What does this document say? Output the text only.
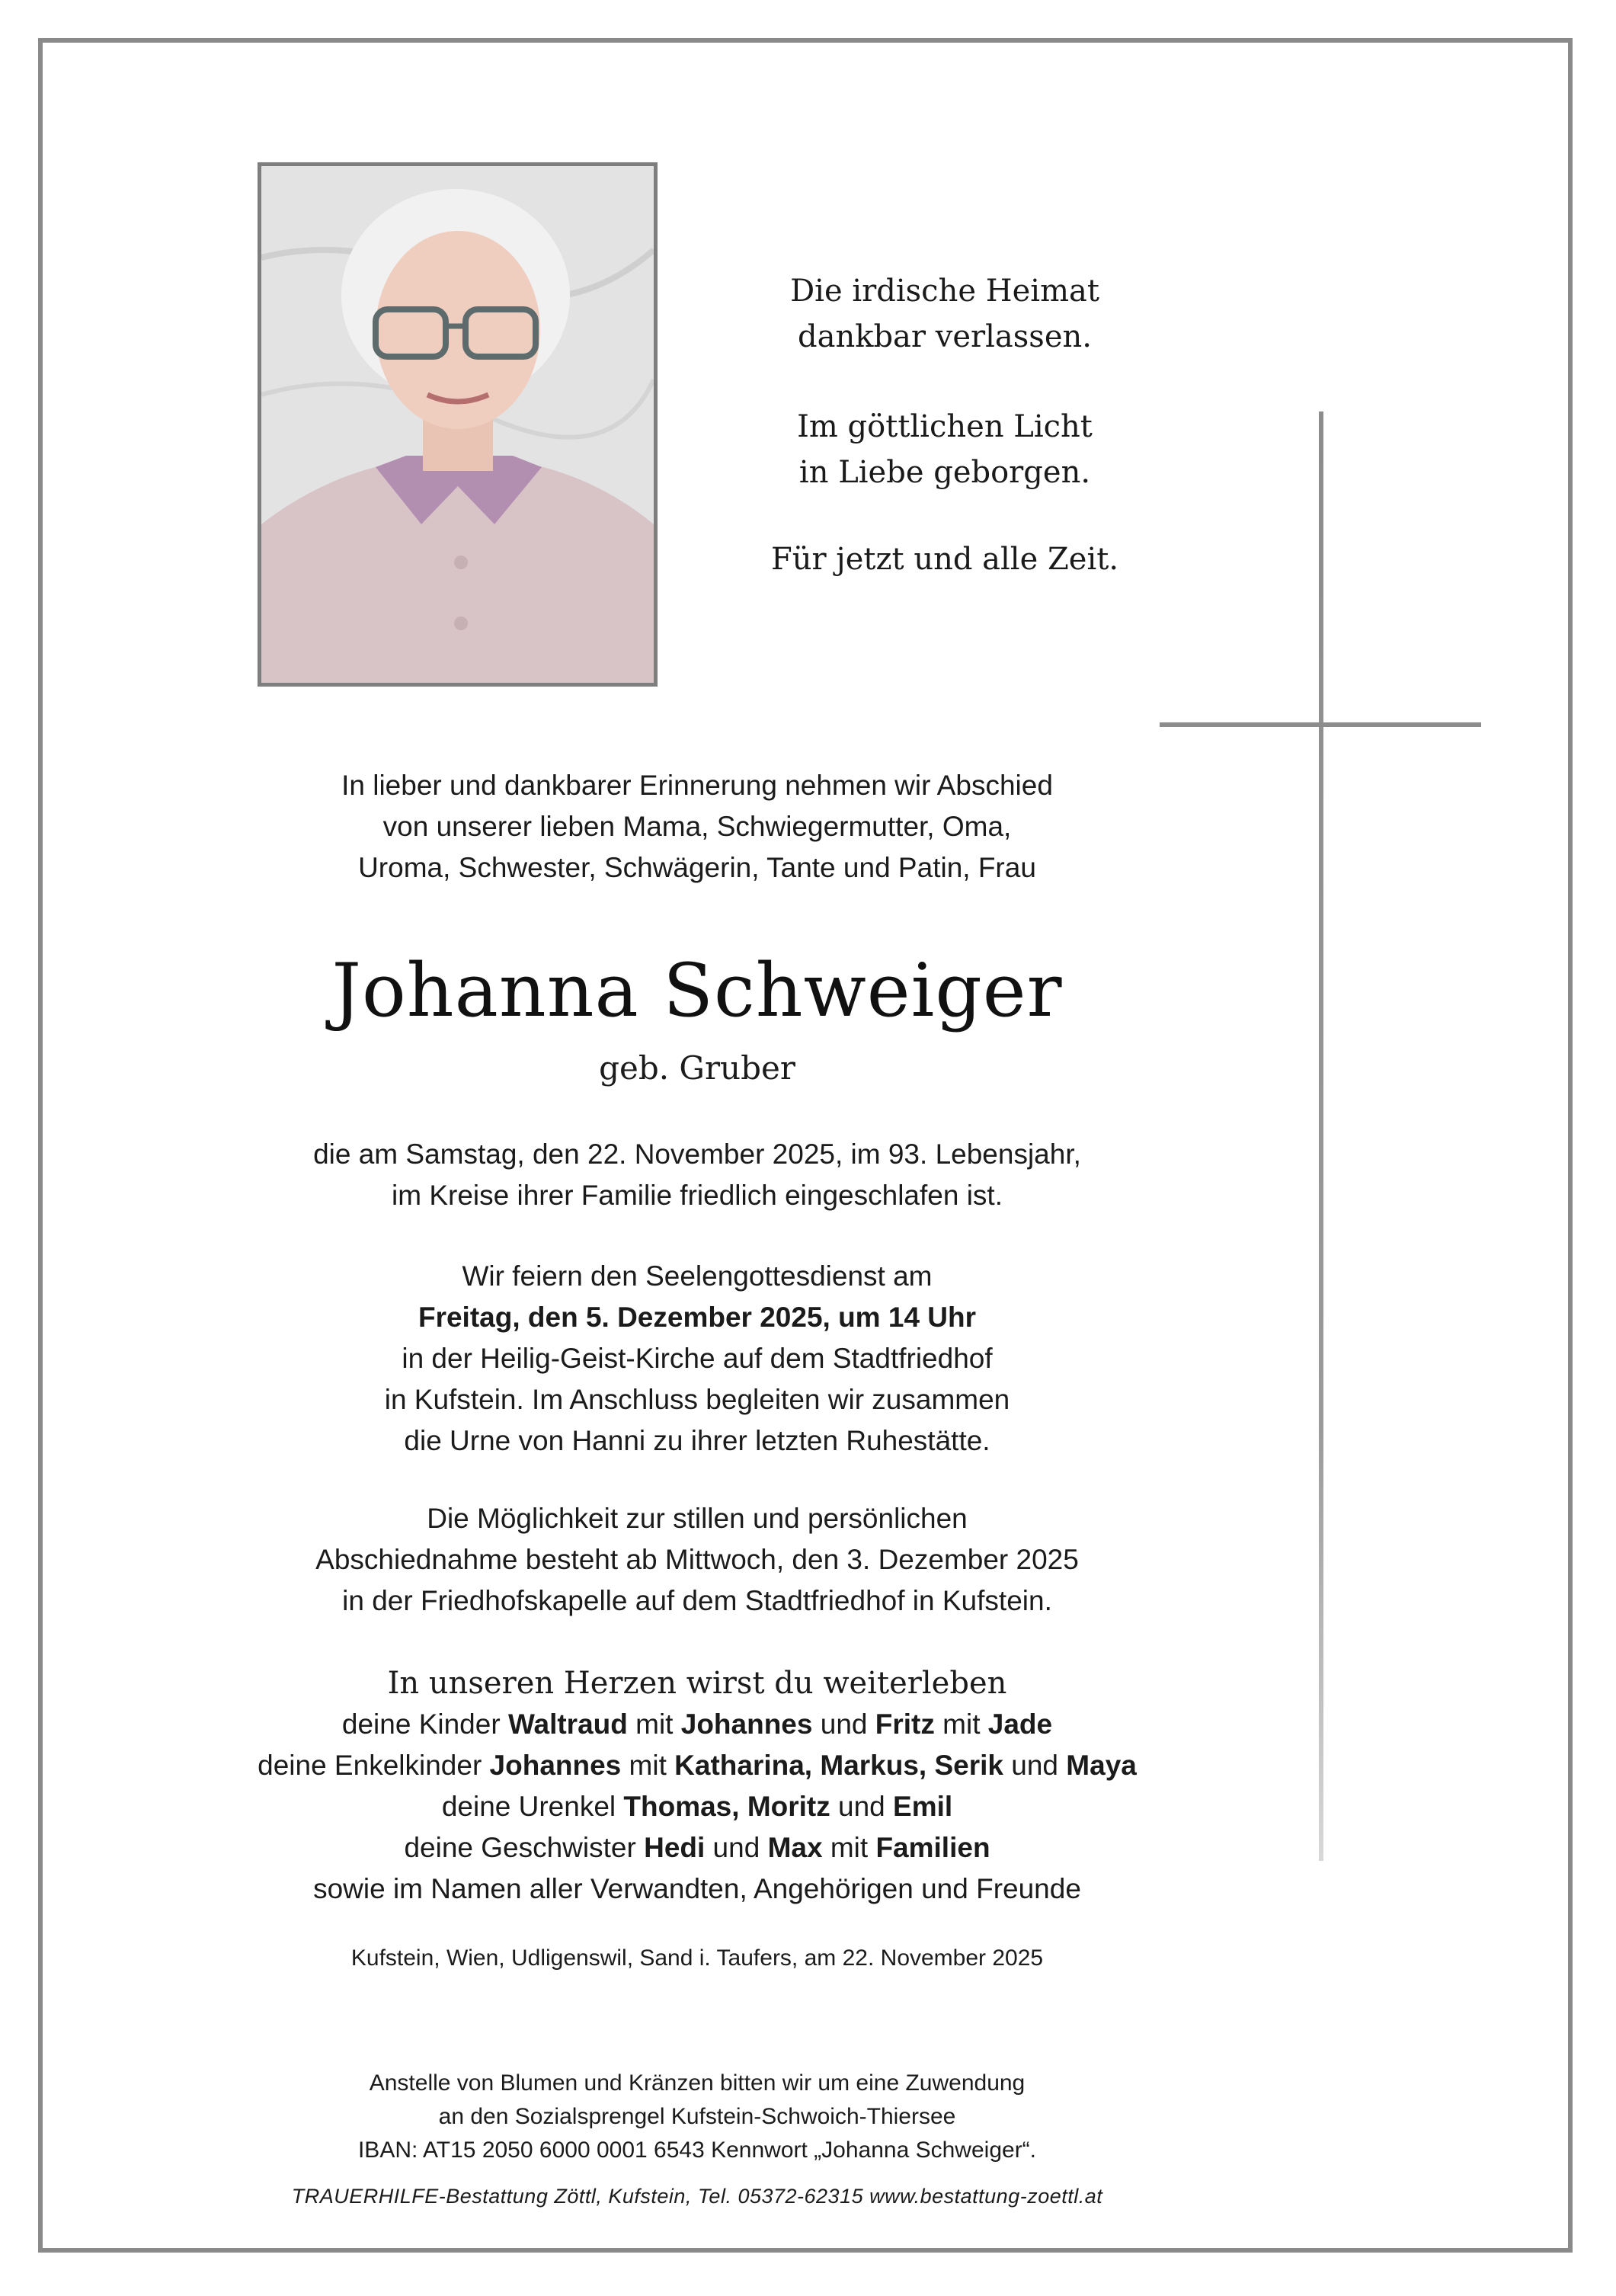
Die irdische Heimat
dankbar verlassen.
Im göttlichen Licht
in Liebe geborgen.
Für jetzt und alle Zeit.
In lieber und dankbarer Erinnerung nehmen wir Abschied
von unserer lieben Mama, Schwiegermutter, Oma,
Uroma, Schwester, Schwägerin, Tante und Patin, Frau
Johanna Schweiger
geb. Gruber
die am Samstag, den 22. November 2025, im 93. Lebensjahr,
im Kreise ihrer Familie friedlich eingeschlafen ist.
Wir feiern den Seelengottesdienst am
Freitag, den 5. Dezember 2025, um 14 Uhr
in der Heilig-Geist-Kirche auf dem Stadtfriedhof
in Kufstein. Im Anschluss begleiten wir zusammen
die Urne von Hanni zu ihrer letzten Ruhestätte.
Die Möglichkeit zur stillen und persönlichen
Abschiednahme besteht ab Mittwoch, den 3. Dezember 2025
in der Friedhofskapelle auf dem Stadtfriedhof in Kufstein.
In unseren Herzen wirst du weiterleben
deine Kinder Waltraud mit Johannes und Fritz mit Jade
deine Enkelkinder Johannes mit Katharina, Markus, Serik und Maya
deine Urenkel Thomas, Moritz und Emil
deine Geschwister Hedi und Max mit Familien
sowie im Namen aller Verwandten, Angehörigen und Freunde
Kufstein, Wien, Udligenswil, Sand i. Taufers, am 22. November 2025
Anstelle von Blumen und Kränzen bitten wir um eine Zuwendung
an den Sozialsprengel Kufstein-Schwoich-Thiersee
IBAN: AT15 2050 6000 0001 6543 Kennwort „Johanna Schweiger“.
TRAUERHILFE-Bestattung Zöttl, Kufstein, Tel. 05372-62315 www.bestattung-zoettl.at
